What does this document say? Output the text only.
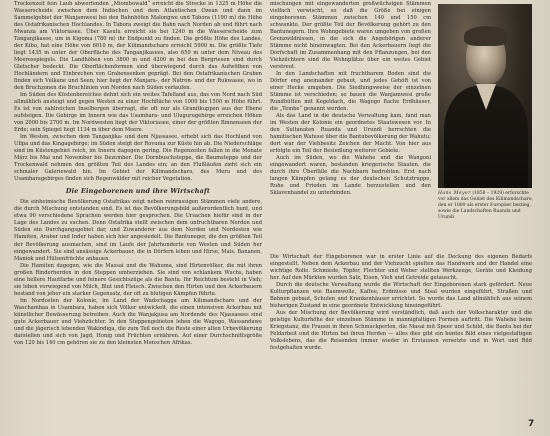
Trockenzeit fein Laub abwerfenden „Miombowald“ erreicht die Strecke in 1325 m Höhe die Wasserscheide zwischen dem Indischen und dem Atlantischen Ozean und dann im Sammelgebiet der Wanjamwesi bei den Bahnhöfen Malongwe und Tabora (1190 m) die Höhe des Ostafrikanischen Hochlandes. In Tabora zweigt die Bahn nach Norden ab und führt nach Mwanza am Viktoriasee. Über Kasulu erreicht sie bei 1240 m die Wasserscheide zum Tanganjikasee, um in Kigoma (780 m) ihr Endpunkt zu finden. Die größte Höhe des Landes, der Kibo, hat eine Höhe von 6010 m, der Kilimandscharo erreicht 5900 m. Die größte Tiefe liegt 1435 m unter der Oberfläche des Tanganjikasees, also 650 m unter dem Niveau des Meeresspiegels. Die Landhöhen von 3800 m und 4200 m bei den Bergriesen sind durch Gletscher bedeckt. Die Oberflächenformen sind überwiegend durch das Aufwölben von Hochländern und Einbrechen von Grabensenken geprägt. Bei den Ostafrikanischen Graben finden sich Vulkane und Seen; hier liegt der Manjara-, der Natron- und der Rukwasee, wo in den Bruchzonen die Bruchlinien von Norden nach Süden verlaufen.

Im Süden des Küstenbereiches dehnt sich ein weites Tafelland aus, das von Nord nach Süd allmählich ansteigt und gegen Westen zu einer Hochfläche von 1000 bis 1500 m Höhe führt. Es ist von zahlreichen Inselbergen überragt, die oft nur als Granitkuppen aus der Ebene aufsteigen. Die Gebirge im Innern wie das Usambara- und Ulugurugebirge erreichen Höhen von 2000 bis 2700 m. Im Nordwesten liegt der Viktoriasee, einer der größten Binnenseen der Erde; sein Spiegel liegt 1134 m über dem Meere.

Im Westen, zwischen dem Tanganjika- und dem Njassasee, erhebt sich das Hochland von Ufipa und das Kingagebirge; im Süden steigt der Rovuma zur Küste hin ab. Die Niederschläge sind im Küstengebiet reich, im Innern dagegen gering. Die Regenzeiten fallen in die Monate März bis Mai und November bis Dezember. Die Dornbuschsteppe, die Baumsteppe und der Trockenwald nehmen den größten Teil des Landes ein; an den Flußläufen zieht sich ein schmaler Galeriewald hin. Im Gebiet der Kilimandscharo, des Meru und des Usambaragebirges finden sich Regenwälder mit reicher Vegetation.

Die Eingeborenen und ihre Wirtschaft

Die einheimische Bevölkerung Ostafrikas zeigt neben reinrassigen Stämmen viele andere, die durch Mischung entstanden sind. Es ist das Bevölkerungsbild außerordentlich bunt, und etwa 90 verschiedene Sprachen werden hier gesprochen. Die Ursachen hiefür sind in der Lage des Landes zu suchen. Denn Ostafrika stellt zwischen dem unfruchtbaren Norden und Süden ein Durchgangsgebiet dar, und Zuwanderer aus dem Norden und Nordosten wie Hamiten, Araber und Inder haben sich hier angesiedelt. Die Bantuneger, die den größten Teil der Bevölkerung ausmachen, sind im Laufe der Jahrhunderte von Westen und Süden her eingewandert. Sie sind ansässige Ackerbauer, die in Dörfern leben und Hirse, Mais, Bananen, Maniok und Hülsenfrüchte anbauen.

Die Hamiten dagegen, wie die Massai und die Wahuma, sind Hirtenvölker, die mit ihren großen Rinderherden in den Steppen umherziehen. Sie sind von schlankem Wuchs, haben eine hellere Hautfarbe und feinere Gesichtszüge als die Bantu. Ihr Reichtum besteht in Vieh; sie leben vorwiegend von Milch, Blut und Fleisch. Zwischen den Hirten und den Ackerbauern bestand von jeher ein starker Gegensatz, der oft zu blutigen Kämpfen führte.

Im Nordosten der Kolonie, im Land der Wadschagga am Kilimandscharo und der Waschambaa in Usambara, haben sich Völker entwickelt, die einen intensiven Ackerbau mit künstlicher Bewässerung betreiben. Auch die Wanjakjusa am Nordende des Njassasees sind gute Ackerbauer und Viehzüchter. In den Steppengebieten leben die Wagogo, Wassandawe und die jägerisch lebenden Wakindiga, die zum Teil noch die Reste einer alten Urbevölkerung darstellen und sich von Jagd, Honig und Früchten ernähren. Auf einer Durchschnittsgröße von 120 bis 140 cm gehören sie zu den kleinsten Menschen Afrikas.

mischungen mit eingewanderten großwüchsigen Stämmen vielfach verwischt, so daß die Größe bei einigen eingeborenen Stämmen zwischen 140 und 150 cm schwankte. Der größte Teil der Bevölkerung gehört zu den Bantunegern. Ihre Wohngebiete waren umgeben von großen Grenzwildnissen, in die sich die Angehörigen anderer Stämme nicht hineinwagten. Bei den Ackerbauern liegt die Dorfschaft im Zusammenhang mit den Pflanzungen, bei den Viehzüchtern sind die Wohnplätze über ein weites Gebiet verstreut.

In den Landschaften mit fruchtbarem Boden sind die Dörfer eng aneinander gebaut, und jedes Gehöft ist von einer Hecke umgeben. Die Siedlungsweise der einzelnen Stämme ist verschieden; so bauen die Wanjamwesi große Rundhütten mit Kegeldach, die Wagogo flache Erdhäuser, die „Tembe“ genannt werden.

Als das Land in die deutsche Verwaltung kam, fand man im Westen der Kolonie ein geordnetes Staatswesen vor. In den Sultanaten Ruanda und Urundi herrschten die hamitischen Watussi über die Bantubevölkerung der Wahutu; dort war der Viehbesitz Zeichen der Macht. Von hier aus erfolgte ein Teil der Besiedlung weiterer Gebiete.

Auch im Süden, wo die Wahehe und die Wangoni eingewandert waren, bestanden kriegerische Staaten, die durch ihre Überfälle die Nachbarn bedrohten. Erst nach langen Kämpfen gelang es der deutschen Schutztruppe, Ruhe und Frieden im Lande herzustellen und den Sklavenhandel zu unterbinden.	Hans Meyer (1858 – 1929) erforschte vor allem das Gebiet des Kilimandscharo, den er 1889 als erster Europäer bestieg, sowie die Landschaften Ruanda und Urundi

Die Wirtschaft der Eingeborenen war in erster Linie auf die Deckung des eigenen Bedarfs eingestellt. Neben dem Ackerbau und der Viehzucht spielten das Handwerk und der Handel eine wichtige Rolle. Schmiede, Töpfer, Flechter und Weber stellten Werkzeuge, Geräte und Kleidung her. Auf den Märkten wurden Salz, Eisen, Vieh und Getreide getauscht.

Durch die deutsche Verwaltung wurde die Wirtschaft der Eingeborenen stark gefördert. Neue Kulturpflanzen wie Baumwolle, Kaffee, Erdnüsse und Sisal wurden eingeführt, Straßen und Bahnen gebaut, Schulen und Krankenhäuser errichtet. So wurde das Land allmählich aus seinem bisherigen Zustand in eine geordnete Entwicklung hineingeführt.

Aus der Mischung der Bevölkerung wird verständlich, daß auch der Volkscharakter und die geistige Kulturhöhe der einzelnen Stämme in mannigfaltigen Formen auftritt. Die Wahehe beim Kriegstanz, die Frauen in ihren Schmuckperlen, die Masai mit Speer und Schild, die Bantu bei der Feldarbeit und die Hirten bei ihren Herden — alles dies gibt ein buntes Bild eines vielgestaltigen Volkslebens, das die Reisenden immer wieder in Erstaunen versetzte und in Wort und Bild festgehalten wurde.

7
